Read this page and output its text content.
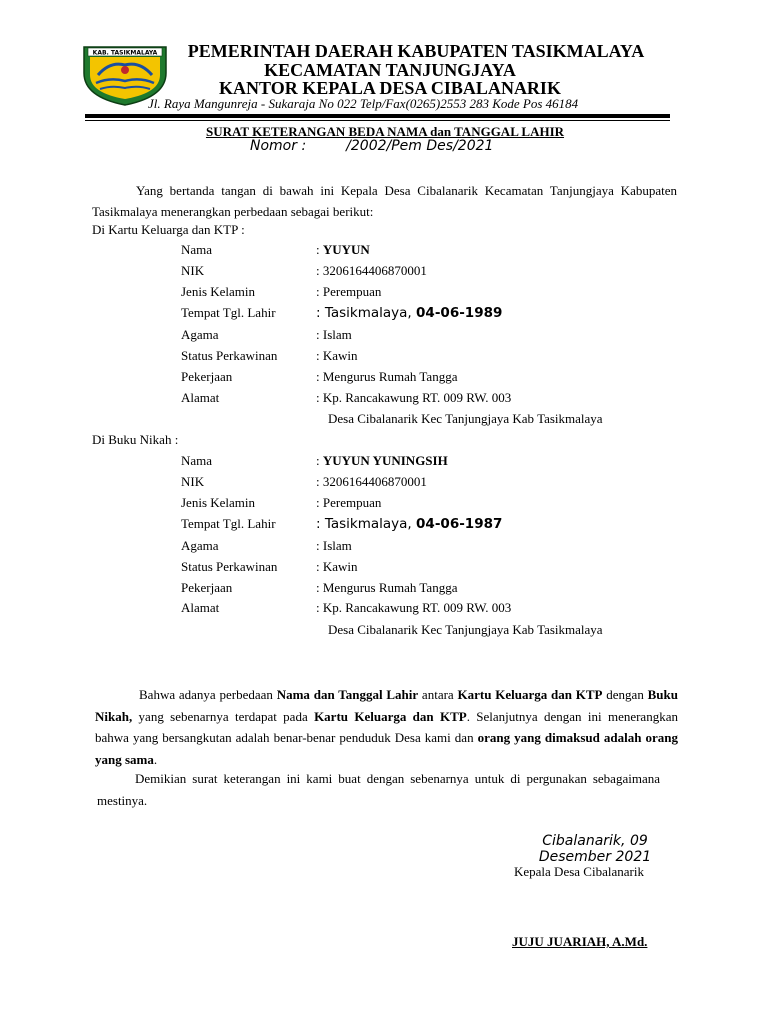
KAB. TASIKMALAYA	PEMERINTAH DAERAH KABUPATEN TASIKMALAYA
KECAMATAN TANJUNGJAYA
KANTOR KEPALA DESA CIBALANARIK
Jl. Raya Mangunreja - Sukaraja No 022 Telp/Fax(0265)2553 283 Kode Pos 46184
SURAT KETERANGAN BEDA NAMA dan TANGGAL LAHIR
Nomor :	/2002/Pem Des/2021
Yang bertanda tangan di bawah ini Kepala Desa Cibalanarik Kecamatan Tanjungjaya Kabupaten Tasikmalaya menerangkan perbedaan sebagai berikut:
Di Kartu Keluarga dan KTP :
Nama	: YUYUN
NIK	: 3206164406870001
Jenis Kelamin	: Perempuan
Tempat Tgl. Lahir	: Tasikmalaya, 04-06-1989
Agama	: Islam
Status Perkawinan	: Kawin
Pekerjaan	: Mengurus Rumah Tangga
Alamat	: Kp. Rancakawung RT. 009 RW. 003
Desa Cibalanarik Kec Tanjungjaya Kab Tasikmalaya
Di Buku Nikah :
Nama	: YUYUN YUNINGSIH
NIK	: 3206164406870001
Jenis Kelamin	: Perempuan
Tempat Tgl. Lahir	: Tasikmalaya, 04-06-1987
Agama	: Islam
Status Perkawinan	: Kawin
Pekerjaan	: Mengurus Rumah Tangga
Alamat	: Kp. Rancakawung RT. 009 RW. 003
Desa Cibalanarik Kec Tanjungjaya Kab Tasikmalaya
Bahwa adanya perbedaan Nama dan Tanggal Lahir antara Kartu Keluarga dan KTP dengan Buku Nikah, yang sebenarnya terdapat pada Kartu Keluarga dan KTP. Selanjutnya dengan ini menerangkan bahwa yang bersangkutan adalah benar-benar penduduk Desa kami dan orang yang dimaksud adalah orang yang sama.
Demikian surat keterangan ini kami buat dengan sebenarnya untuk di pergunakan sebagaimana mestinya.
Cibalanarik, 09
Desember 2021
Kepala Desa Cibalanarik
JUJU JUARIAH, A.Md.
